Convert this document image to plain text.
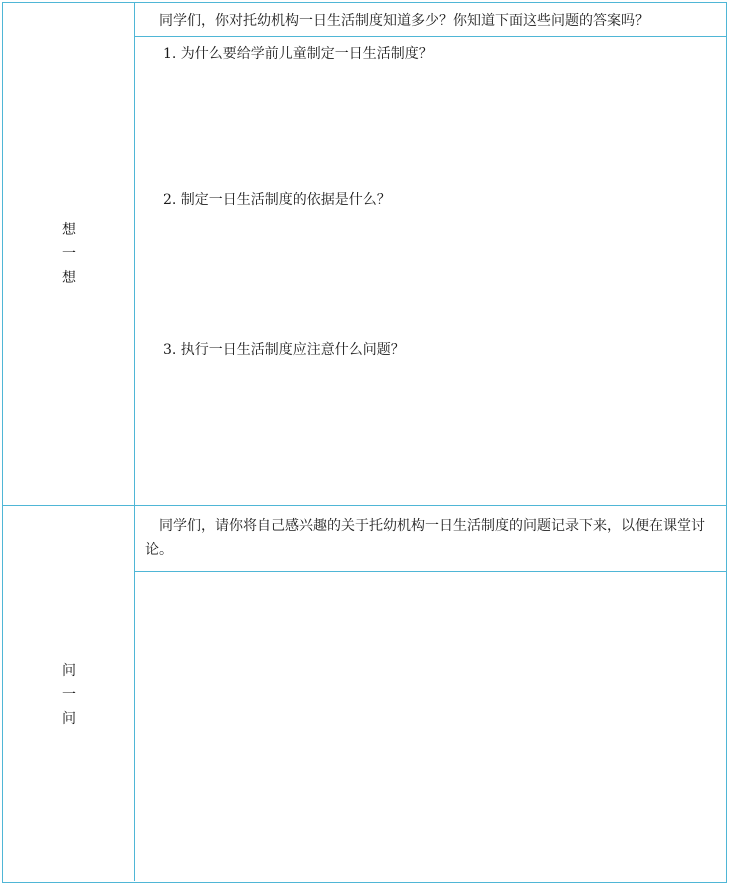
想
一
想
同学们，你对托幼机构一日生活制度知道多少？你知道下面这些问题的答案吗？
1. 为什么要给学前儿童制定一日生活制度？
2. 制定一日生活制度的依据是什么？
3. 执行一日生活制度应注意什么问题？
问
一
问
同学们，请你将自己感兴趣的关于托幼机构一日生活制度的问题记录下来，以便在课堂讨论。
